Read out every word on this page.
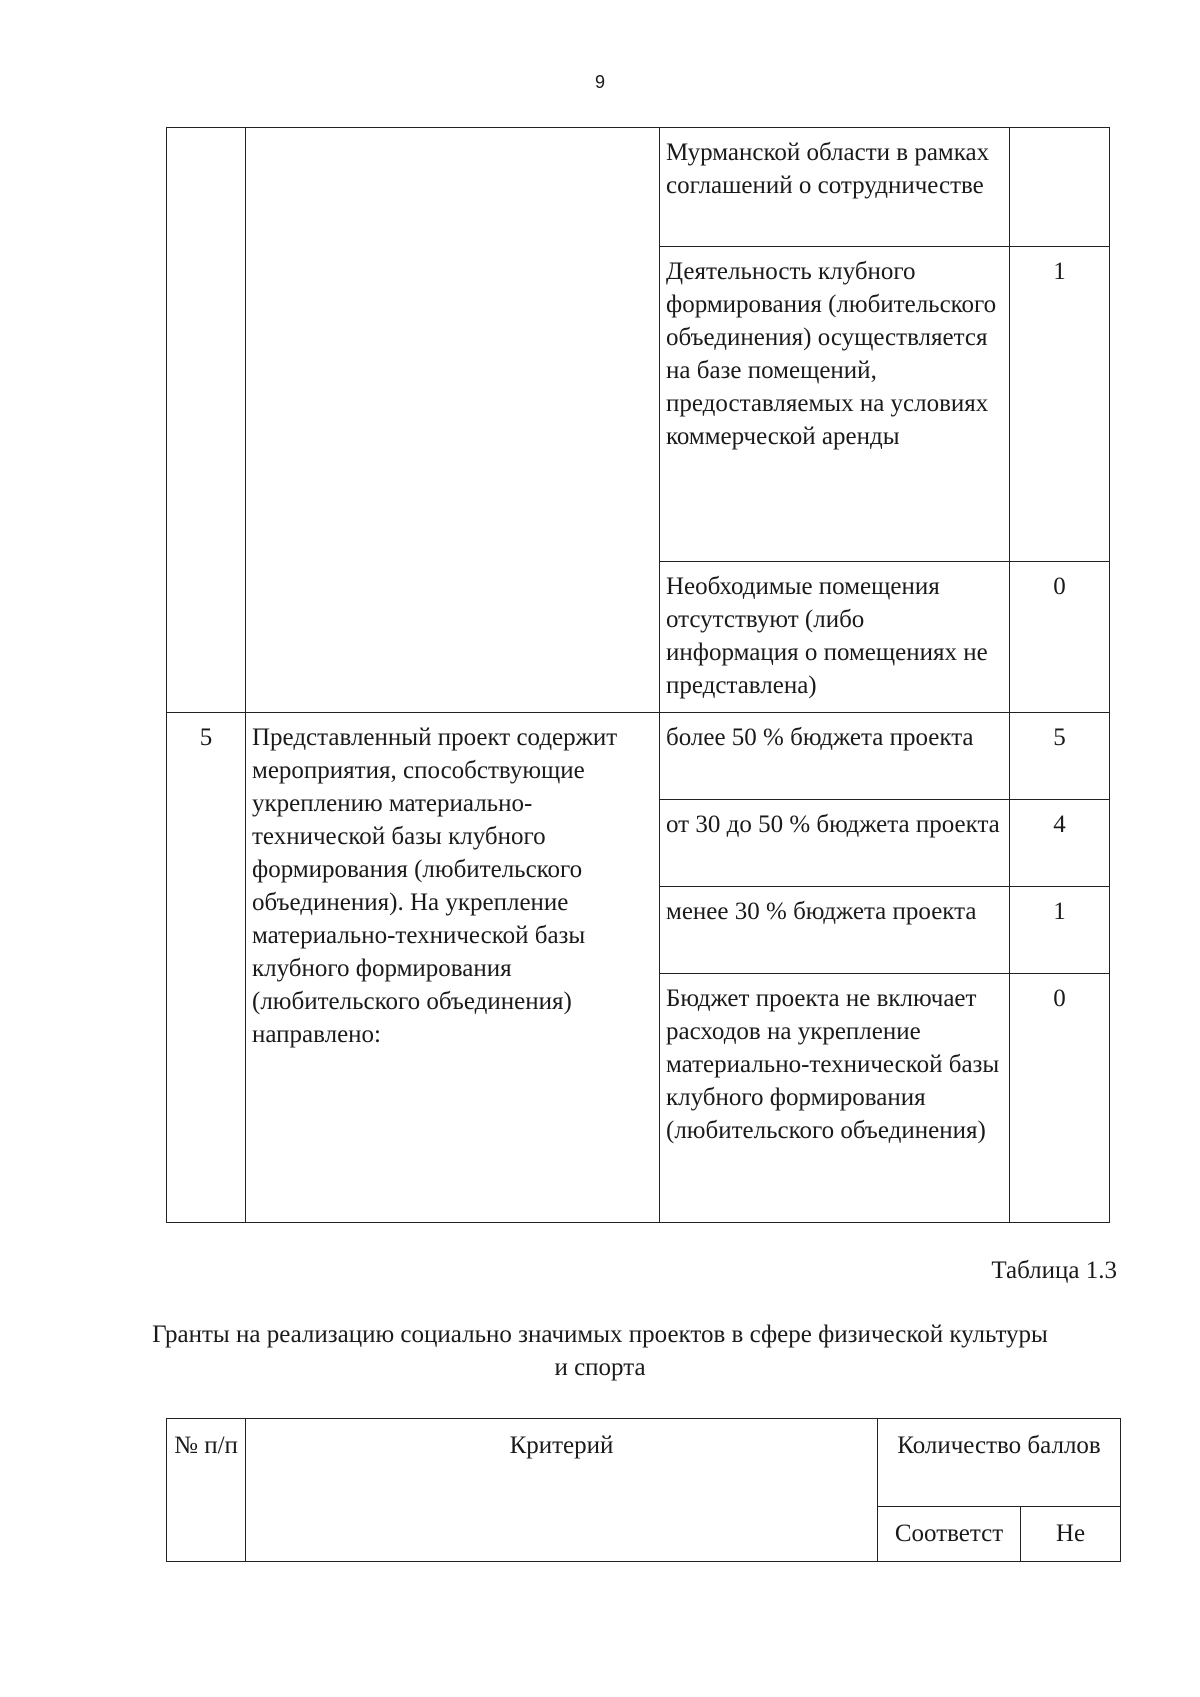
9
		Мурманской области в рамках соглашений о сотрудничестве	
		Деятельность клубного формирования (любительского объединения) осуществляется на базе помещений, предоставляемых на условиях коммерческой аренды	1
		Необходимые помещения отсутствуют (либо информация о помещениях не представлена)	0
5	Представленный проект содержит мероприятия, способствующие укреплению материально-технической базы клубного формирования (любительского объединения). На укрепление материально-технической базы клубного формирования (любительского объединения) направлено:	более 50 % бюджета проекта	5
		от 30 до 50 % бюджета проекта	4
		менее 30 % бюджета проекта	1
		Бюджет проекта не включает расходов на укрепление материально-технической базы клубного формирования (любительского объединения)	0
Таблица 1.3
Гранты на реализацию социально значимых проектов в сфере физической культуры и спорта
№ п/п	Критерий	Количество баллов	
		Соответст	Не
